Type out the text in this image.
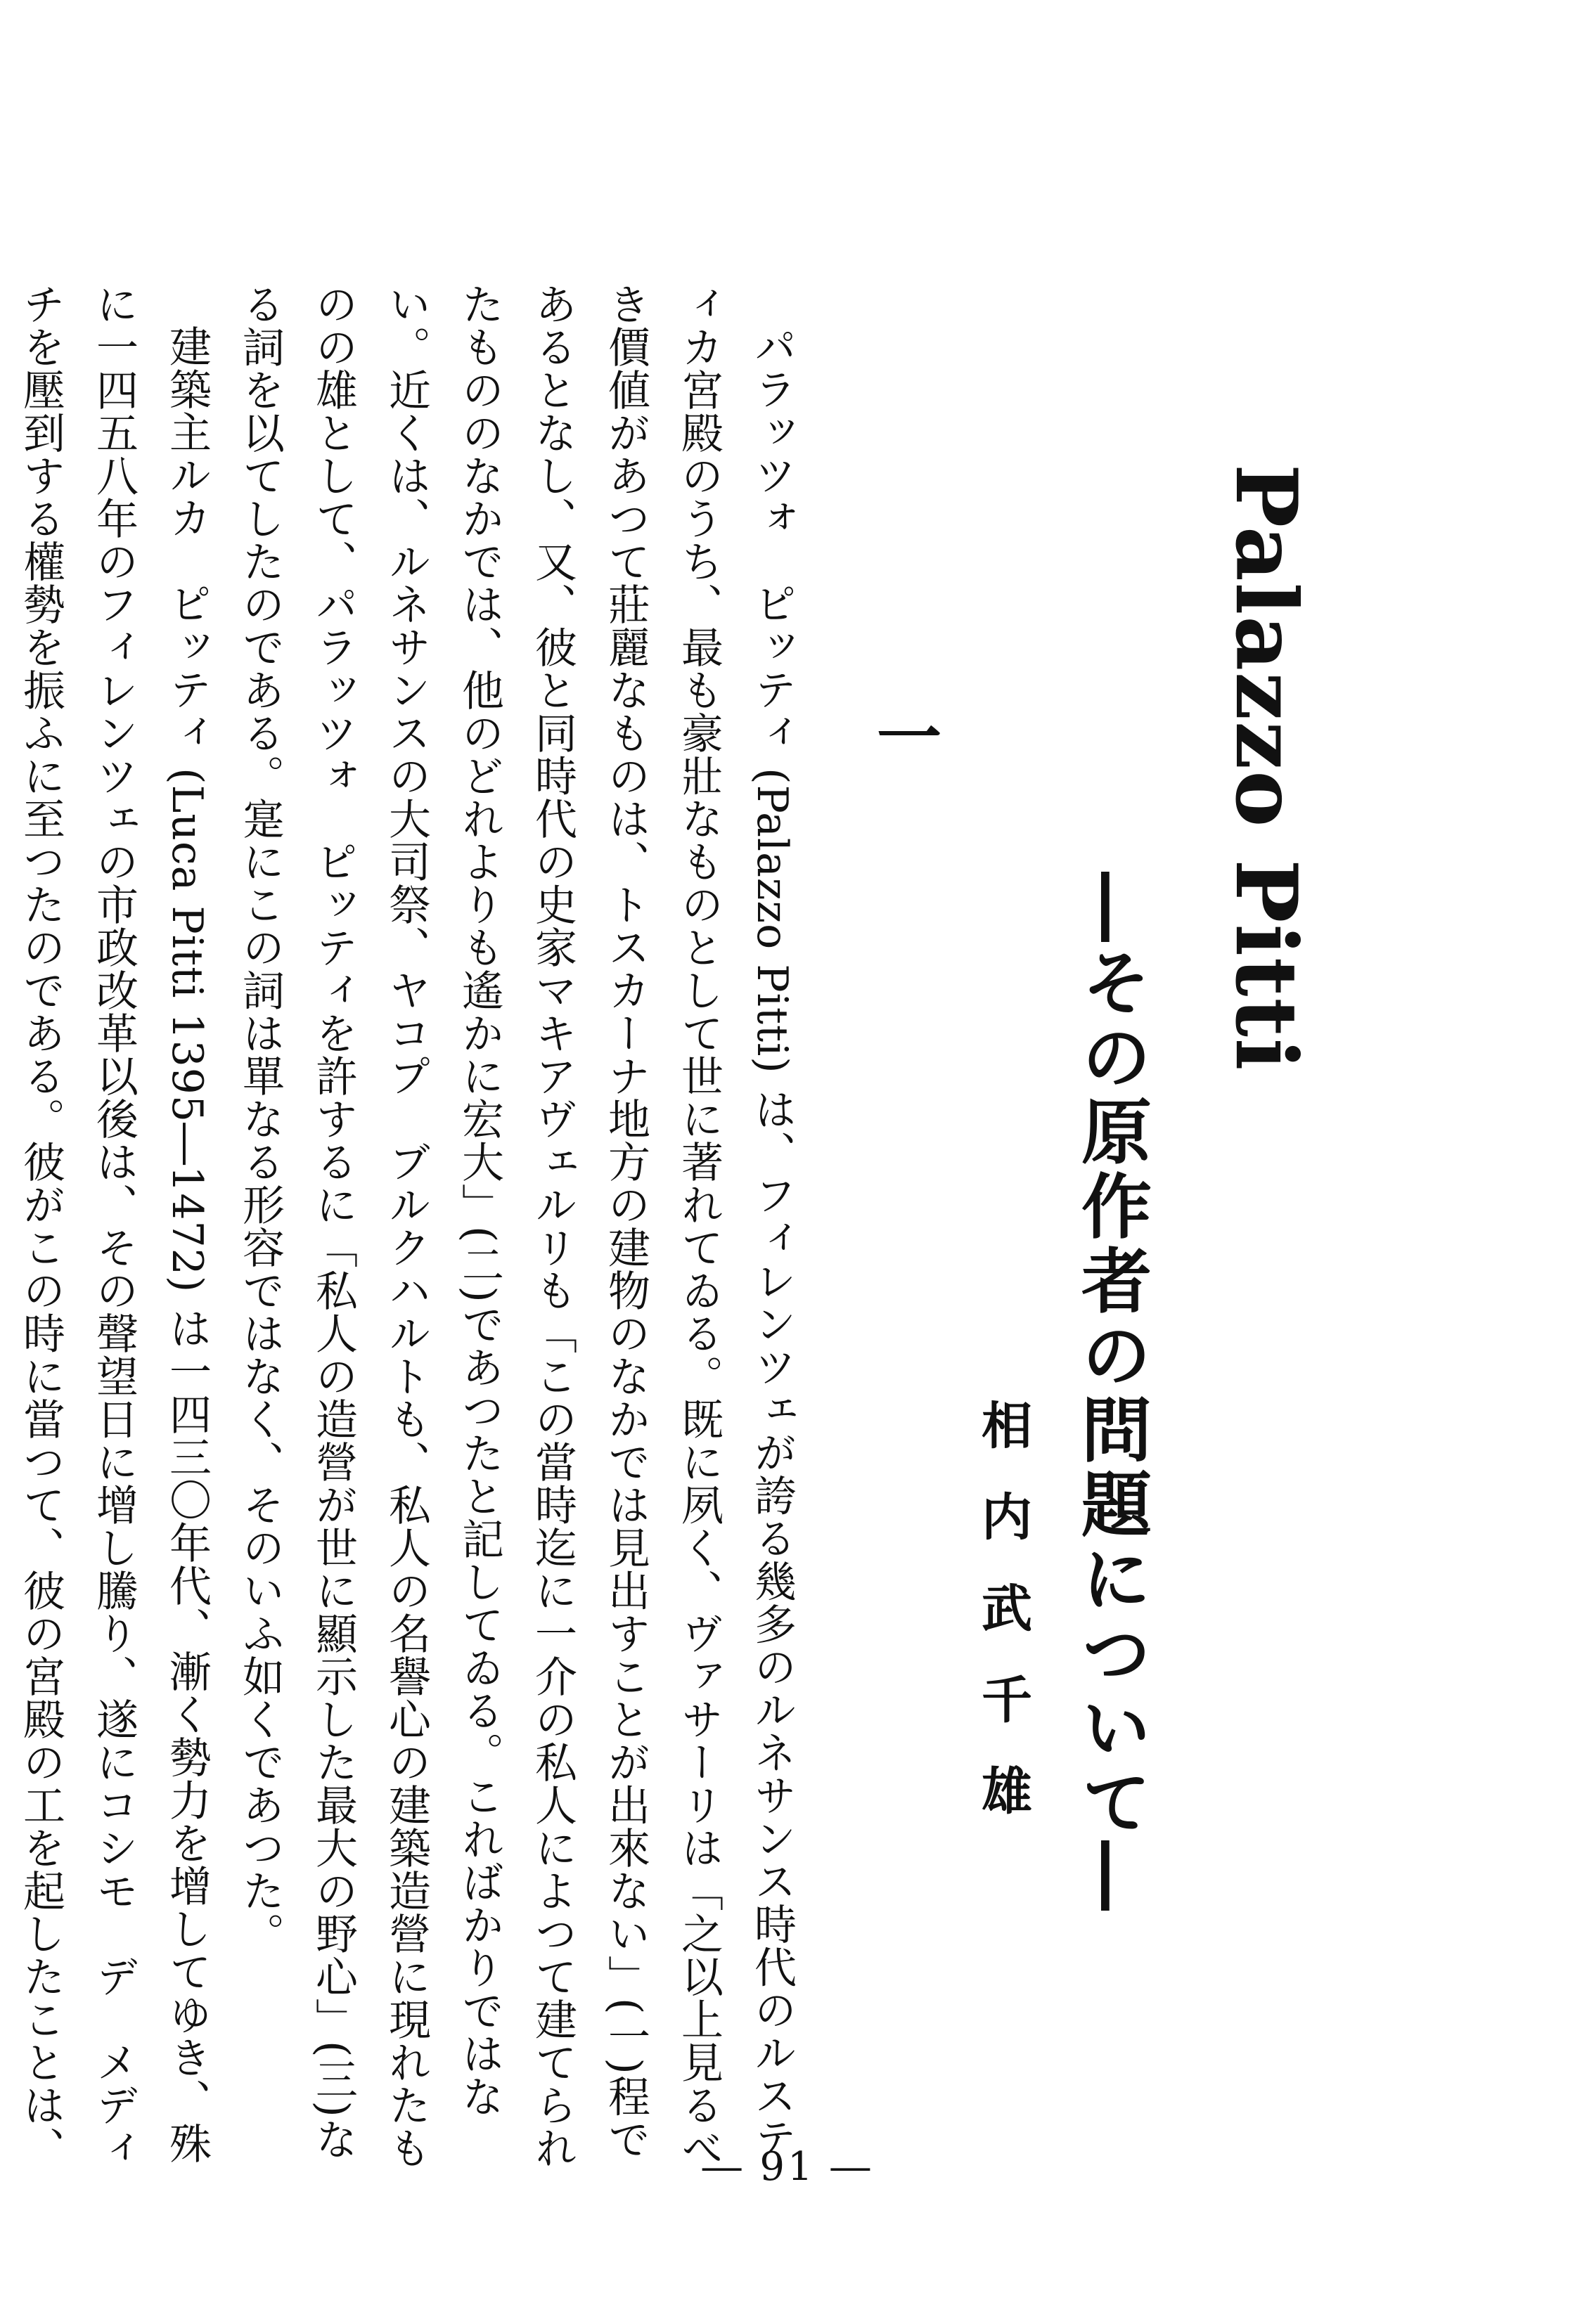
Palazzo Pitti
―その原作者の問題について―
相内武千雄
一

パラッツォ　ピッティ (Palazzo Pitti) は、フィレンツェが誇る幾多のルネサンス時代のルスティカ宮殿のうち、最も豪壯なものとして世に著れてゐる。既に夙く、ヴァサーリは「之以上見るべき價値があつて莊麗なものは、トスカーナ地方の建物のなかでは見出すことが出來ない」(一)程であるとなし、又、彼と同時代の史家マキアヴェルリも「この當時迄に一介の私人によつて建てられたもののなかでは、他のどれよりも遙かに宏大」(二)であつたと記してゐる。こればかりではない。近くは、ルネサンスの大司祭、ヤコプ　ブルクハルトも、私人の名譽心の建築造營に現れたものの雄として、パラッツォ　ピッティを許するに「私人の造營が世に顯示した最大の野心」(三)なる詞を以てしたのである。寔にこの詞は單なる形容ではなく、そのいふ如くであつた。

建築主ルカ　ピッティ (Luca Pitti 1395―1472) は一四三〇年代、漸く勢力を增してゆき、殊に一四五八年のフィレンツェの市政改革以後は、その聲望日に增し騰り、遂にコシモ　デ　メディチを壓到する權勢を振ふに至つたのである。彼がこの時に當つて、彼の宮殿の工を起したことは、	― 91 ―
